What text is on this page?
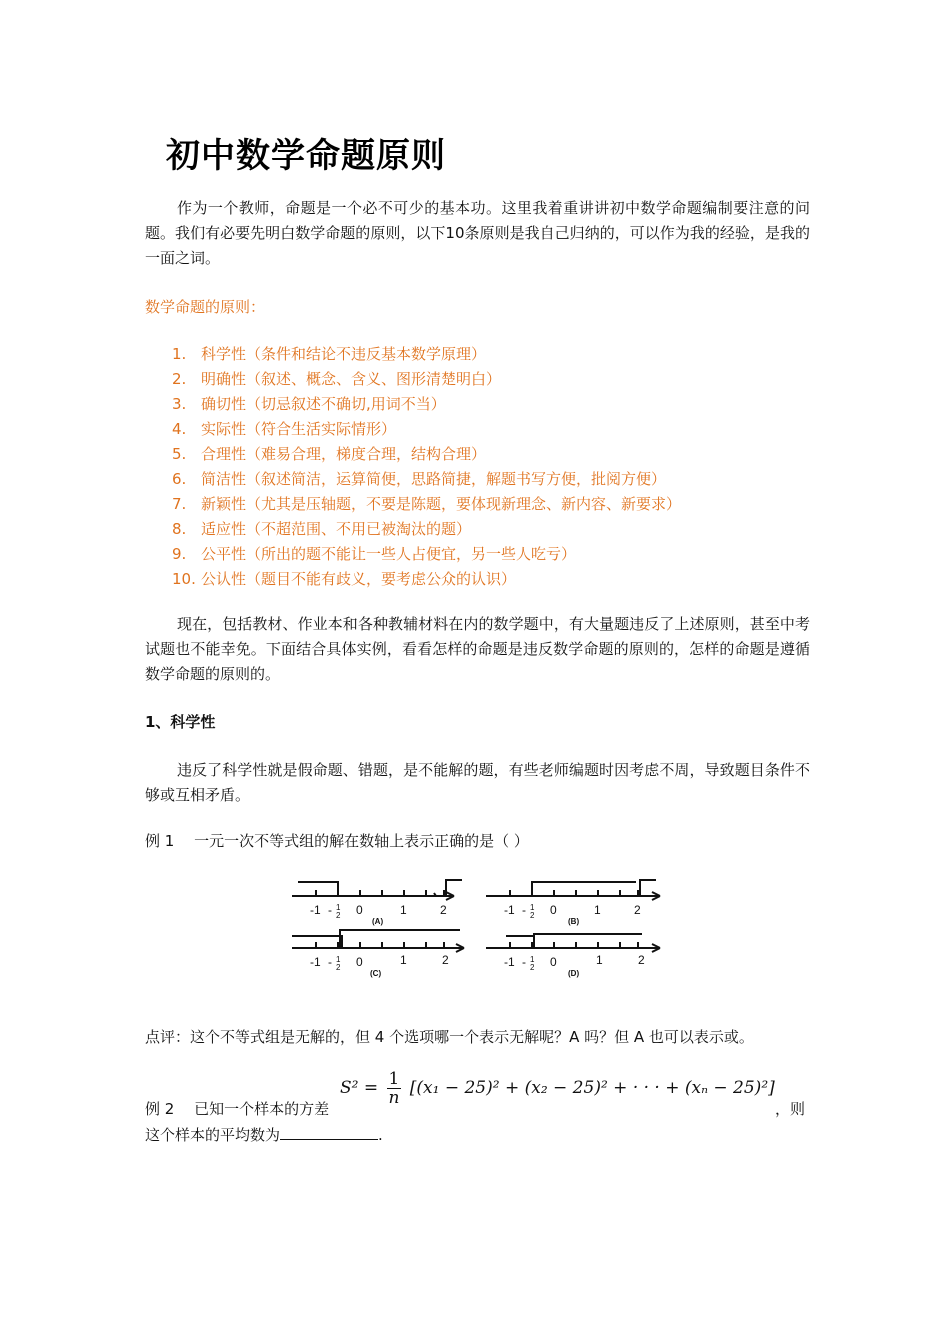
初中数学命题原则

作为一个教师，命题是一个必不可少的基本功。这里我着重讲讲初中数学命题编制要注意的问题。我们有必要先明白数学命题的原则，以下10条原则是我自己归纳的，可以作为我的经验，是我的一面之词。

数学命题的原则：
1. 科学性（条件和结论不违反基本数学原理）
2. 明确性（叙述、概念、含义、图形清楚明白）
3. 确切性（切忌叙述不确切,用词不当）
4. 实际性（符合生活实际情形）
5. 合理性（难易合理，梯度合理，结构合理）
6. 简洁性（叙述简洁，运算简便，思路简捷，解题书写方便，批阅方便）
7. 新颖性（尤其是压轴题，不要是陈题，要体现新理念、新内容、新要求）
8. 适应性（不超范围、不用已被淘汰的题）
9. 公平性（所出的题不能让一些人占便宜，另一些人吃亏）
10. 公认性（题目不能有歧义，要考虑公众的认识）

现在，包括教材、作业本和各种教辅材料在内的数学题中，有大量题违反了上述原则，甚至中考试题也不能幸免。下面结合具体实例，看看怎样的命题是违反数学命题的原则的，怎样的命题是遵循数学命题的原则的。

1、科学性

违反了科学性就是假命题、错题，是不能解的题，有些老师编题时因考虑不周，导致题目条件不够或互相矛盾。

例 1　 一元一次不等式组的解在数轴上表示正确的是（ ）
-1 - 1
2 0	1	2
(A)
-1 - 1
2 0	1	2
(B)
-1 - 1
2 0	1	2
(C)
-1 - 1
2 0	1	2
(D)
点评：这个不等式组是无解的，但 4 个选项哪一个表示无解呢？A 吗？但 A 也可以表示或。
例 2　 已知一个样本的方差
$S^2 = \frac{1}{n} [(x_1 - 25)^2 + (x_2 - 25)^2$ + · · · + (xₙ − 25)²]
，则
这个样本的平均数为	.
